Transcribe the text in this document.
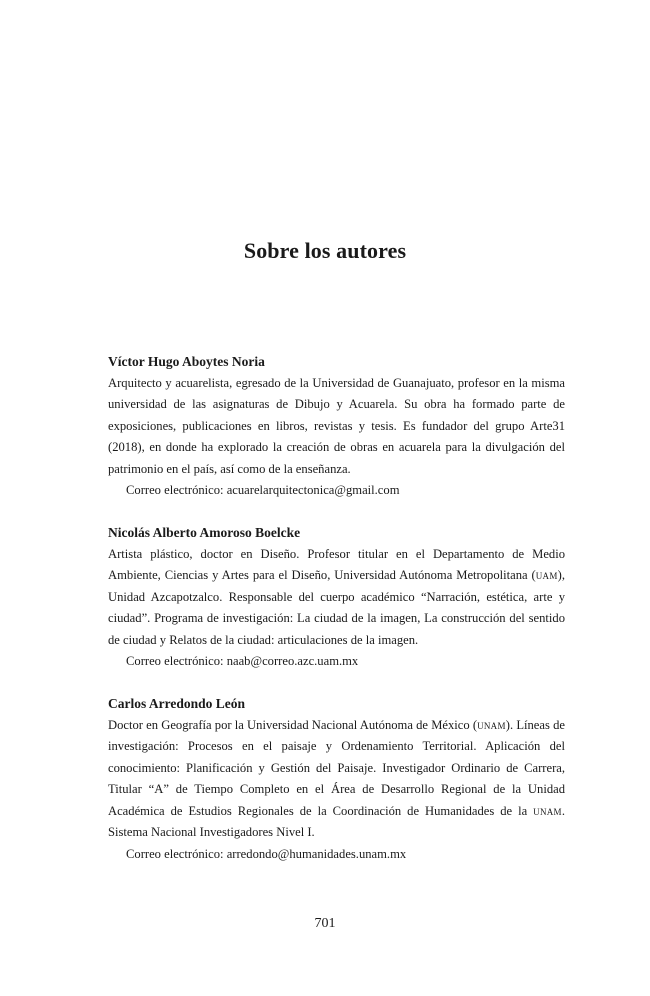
Sobre los autores

Víctor Hugo Aboytes Noria

Arquitecto y acuarelista, egresado de la Universidad de Guanajuato, profesor en la misma universidad de las asignaturas de Dibujo y Acuarela. Su obra ha formado parte de exposiciones, publicaciones en libros, revistas y tesis. Es fundador del grupo Arte31 (2018), en donde ha explorado la creación de obras en acuarela para la divulgación del patrimonio en el país, así como de la enseñanza.

Correo electrónico: acuarelarquitectonica@gmail.com

Nicolás Alberto Amoroso Boelcke

Artista plástico, doctor en Diseño. Profesor titular en el Departamento de Medio Ambiente, Ciencias y Artes para el Diseño, Universidad Autónoma Metropolitana (uam), Unidad Azcapotzalco. Responsable del cuerpo académico “Narración, estética, arte y ciudad”. Programa de investigación: La ciudad de la imagen, La construcción del sentido de ciudad y Relatos de la ciudad: articulaciones de la imagen.

Correo electrónico: naab@correo.azc.uam.mx

Carlos Arredondo León

Doctor en Geografía por la Universidad Nacional Autónoma de México (unam). Líneas de investigación: Procesos en el paisaje y Ordenamiento Territorial. Aplicación del conocimiento: Planificación y Gestión del Paisaje. Investigador Ordinario de Carrera, Titular “A” de Tiempo Completo en el Área de Desarrollo Regional de la Unidad Académica de Estudios Regionales de la Coordinación de Humanidades de la unam. Sistema Nacional Investigadores Nivel I.

Correo electrónico: arredondo@humanidades.unam.mx

701
